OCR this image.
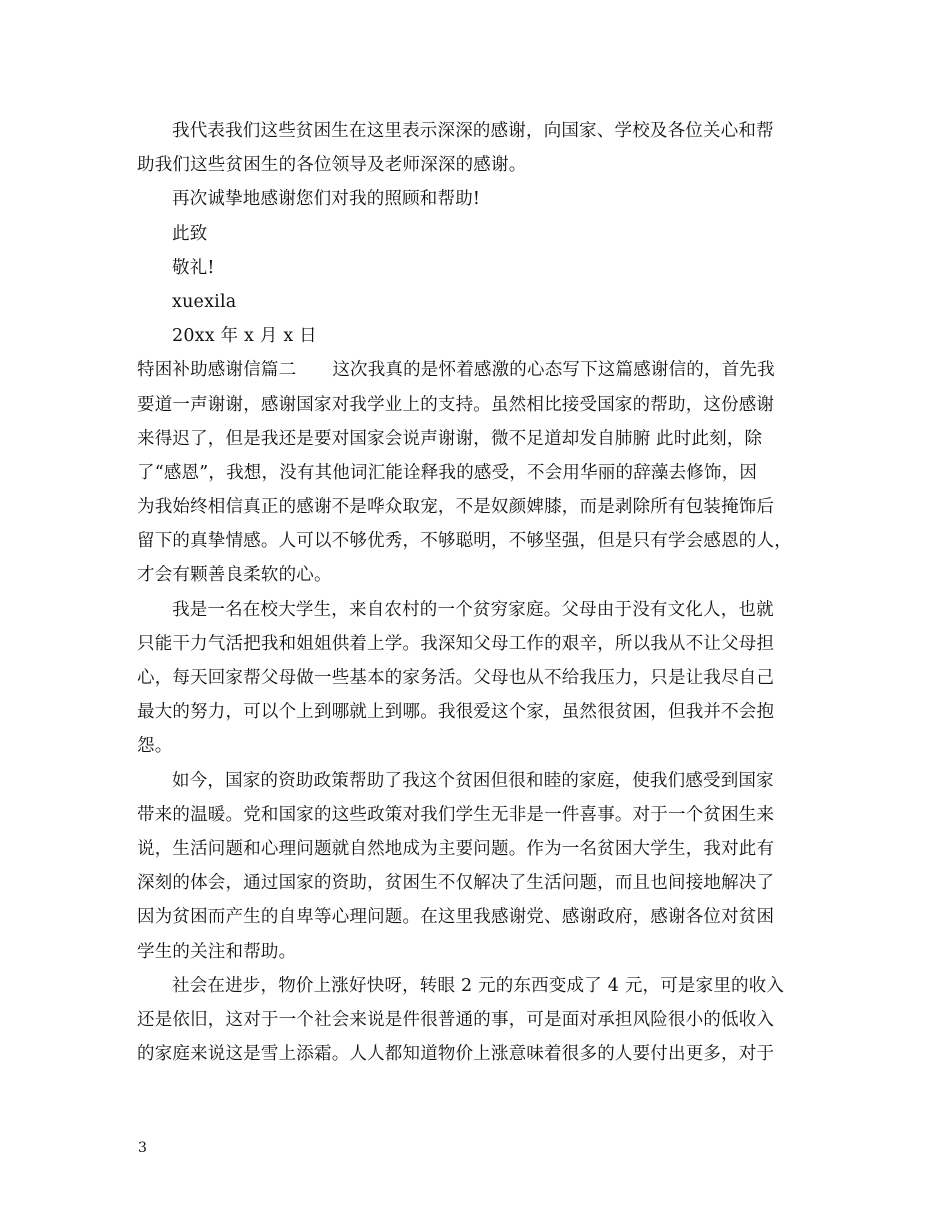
我代表我们这些贫困生在这里表示深深的感谢，向国家、学校及各位关心和帮
助我们这些贫困生的各位领导及老师深深的感谢。
再次诚挚地感谢您们对我的照顾和帮助!
此致
敬礼!
xuexila
20xx 年 x 月 x 日
特困补助感谢信篇二 这次我真的是怀着感激的心态写下这篇感谢信的，首先我
要道一声谢谢，感谢国家对我学业上的支持。虽然相比接受国家的帮助，这份感谢
来得迟了，但是我还是要对国家会说声谢谢，微不足道却发自肺腑 此时此刻，除
了“感恩”，我想，没有其他词汇能诠释我的感受，不会用华丽的辞藻去修饰，因
为我始终相信真正的感谢不是哗众取宠，不是奴颜婢膝，而是剥除所有包装掩饰后
留下的真挚情感。人可以不够优秀，不够聪明，不够坚强，但是只有学会感恩的人，
才会有颗善良柔软的心。
我是一名在校大学生，来自农村的一个贫穷家庭。父母由于没有文化人，也就
只能干力气活把我和姐姐供着上学。我深知父母工作的艰辛，所以我从不让父母担
心，每天回家帮父母做一些基本的家务活。父母也从不给我压力，只是让我尽自己
最大的努力，可以个上到哪就上到哪。我很爱这个家，虽然很贫困，但我并不会抱
怨。
如今，国家的资助政策帮助了我这个贫困但很和睦的家庭，使我们感受到国家
带来的温暖。党和国家的这些政策对我们学生无非是一件喜事。对于一个贫困生来
说，生活问题和心理问题就自然地成为主要问题。作为一名贫困大学生，我对此有
深刻的体会，通过国家的资助，贫困生不仅解决了生活问题，而且也间接地解决了
因为贫困而产生的自卑等心理问题。在这里我感谢党、感谢政府，感谢各位对贫困
学生的关注和帮助。
社会在进步，物价上涨好快呀，转眼 2 元的东西变成了 4 元，可是家里的收入
还是依旧，这对于一个社会来说是件很普通的事，可是面对承担风险很小的低收入
的家庭来说这是雪上添霜。人人都知道物价上涨意味着很多的人要付出更多，对于
3
